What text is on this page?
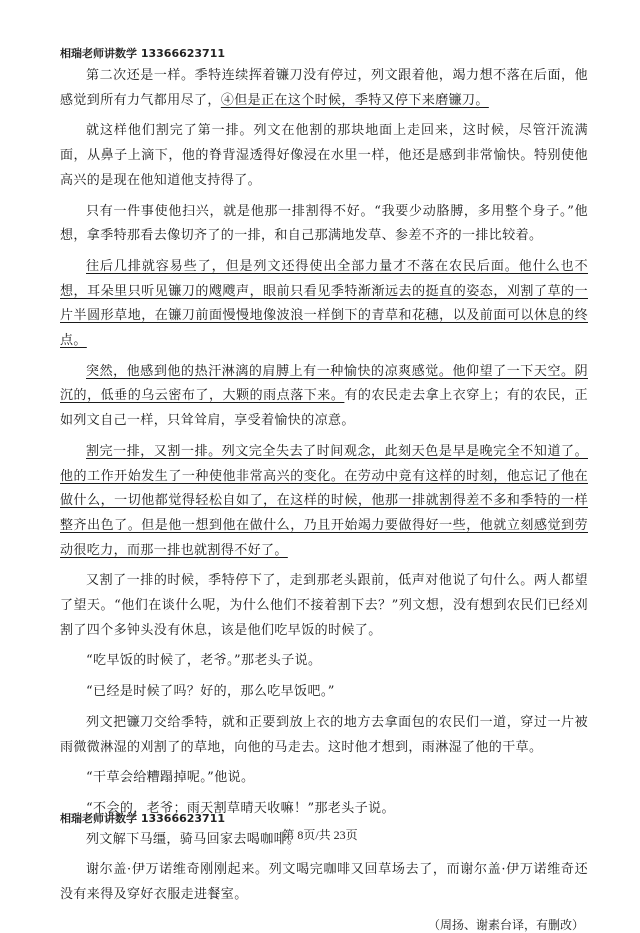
相瑞老师讲数学 13366623711

第二次还是一样。季特连续挥着镰刀没有停过，列文跟着他，竭力想不落在后面，他感觉到所有力气都用尽了，④但是正在这个时候，季特又停下来磨镰刀。

就这样他们割完了第一排。列文在他割的那块地面上走回来，这时候，尽管汗流满面，从鼻子上滴下，他的脊背湿透得好像浸在水里一样，他还是感到非常愉快。特别使他高兴的是现在他知道他支持得了。

只有一件事使他扫兴，就是他那一排割得不好。“我要少动胳膊，多用整个身子。”他想，拿季特那看去像切齐了的一排，和自己那满地发草、参差不齐的一排比较着。

往后几排就容易些了，但是列文还得使出全部力量才不落在农民后面。他什么也不想，耳朵里只听见镰刀的飕飕声，眼前只看见季特渐渐远去的挺直的姿态，刈割了草的一片半圆形草地，在镰刀前面慢慢地像波浪一样倒下的青草和花穗，以及前面可以休息的终点。

突然，他感到他的热汗淋漓的肩膊上有一种愉快的凉爽感觉。他仰望了一下天空。阴沉的，低垂的乌云密布了，大颗的雨点落下来。有的农民走去拿上衣穿上；有的农民，正如列文自己一样，只耸耸肩，享受着愉快的凉意。

割完一排，又割一排。列文完全失去了时间观念，此刻天色是早是晚完全不知道了。他的工作开始发生了一种使他非常高兴的变化。在劳动中竟有这样的时刻，他忘记了他在做什么，一切他都觉得轻松自如了，在这样的时候，他那一排就割得差不多和季特的一样整齐出色了。但是他一想到他在做什么，乃且开始竭力要做得好一些，他就立刻感觉到劳动很吃力，而那一排也就割得不好了。

又割了一排的时候，季特停下了，走到那老头跟前，低声对他说了句什么。两人都望了望天。“他们在谈什么呢，为什么他们不接着割下去？”列文想，没有想到农民们已经刈割了四个多钟头没有休息，该是他们吃早饭的时候了。

“吃早饭的时候了，老爷。”那老头子说。

“已经是时候了吗？好的，那么吃早饭吧。”

列文把镰刀交给季特，就和正要到放上衣的地方去拿面包的农民们一道，穿过一片被雨微微淋湿的刈割了的草地，向他的马走去。这时他才想到，雨淋湿了他的干草。

“干草会给糟蹋掉呢。”他说。

“不会的，老爷；雨天割草晴天收嘛！”那老头子说。

列文解下马缰，骑马回家去喝咖啡。

谢尔盖·伊万诺维奇刚刚起来。列文喝完咖啡又回草场去了，而谢尔盖·伊万诺维奇还没有来得及穿好衣服走进餐室。

（周扬、谢素台译，有删改）
相瑞老师讲数学 13366623711
第 8页/共 23页
